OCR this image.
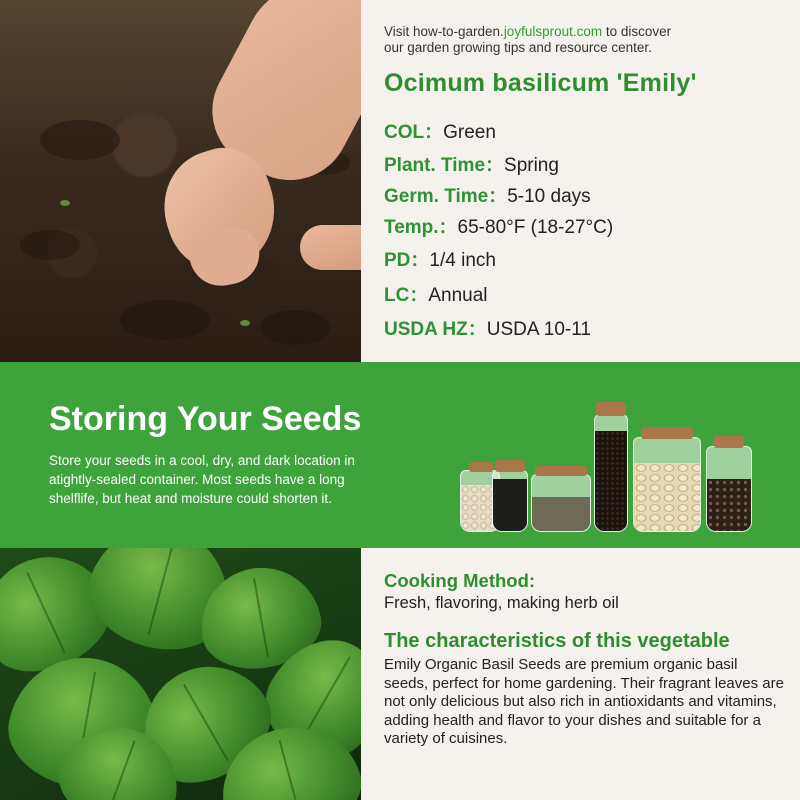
Visit how-to-garden.joyfulsprout.com to discover
our garden growing tips and resource center.
Ocimum basilicum 'Emily'
COL：Green
Plant. Time：Spring
Germ. Time：5-10 days
Temp.：65-80°F (18-27°C)
PD：1/4 inch
LC：Annual
USDA HZ：USDA 10-11
Storing Your Seeds

Store your seeds in a cool, dry, and dark location in atightly-sealed container. Most seeds have a long shelflife, but heat and moisture could shorten it.

Cooking Method:
Fresh, flavoring, making herb oil
The characteristics of this vegetable

Emily Organic Basil Seeds are premium organic basil seeds, perfect for home gardening. Their fragrant leaves are not only delicious but also rich in antioxidants and vitamins, adding health and flavor to your dishes and suitable for a variety of cuisines.
